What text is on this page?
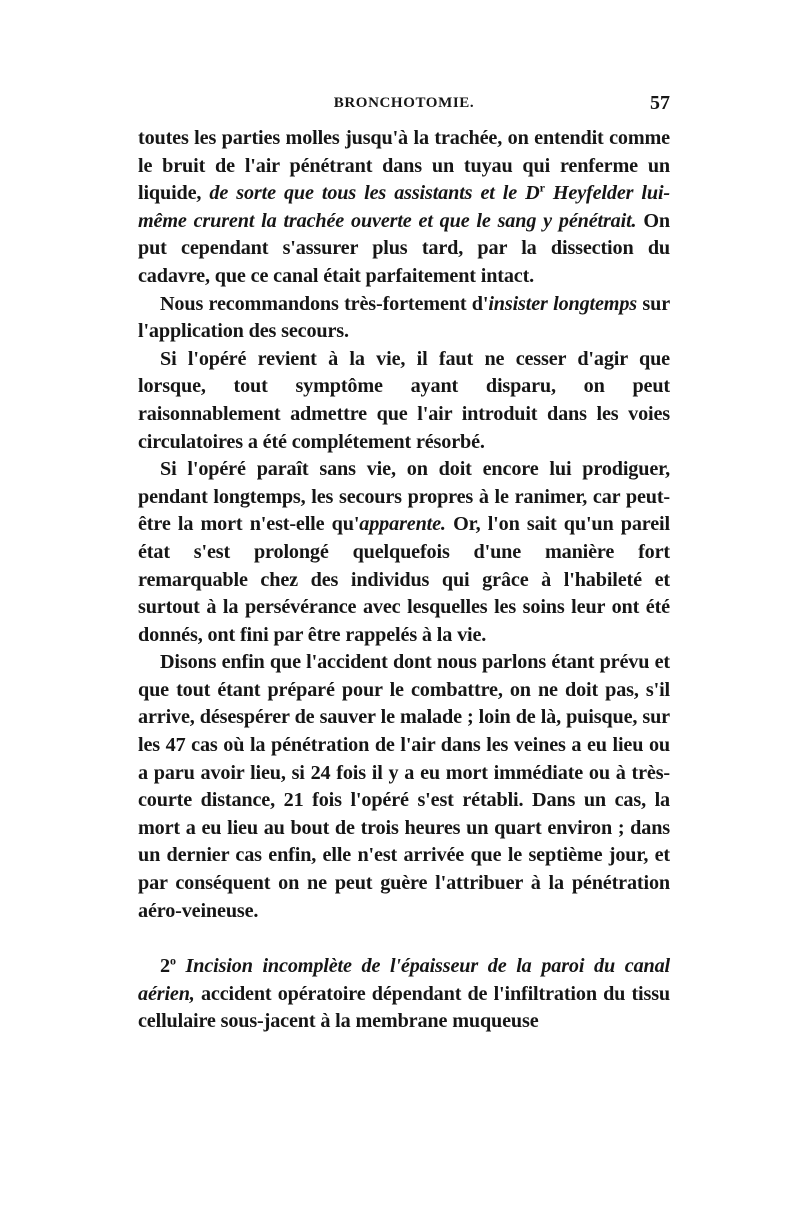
BRONCHOTOMIE.	57

toutes les parties molles jusqu'à la trachée, on entendit comme le bruit de l'air pénétrant dans un tuyau qui renferme un liquide, de sorte que tous les assistants et le $D^r$ Heyfelder lui-même crurent la trachée ouverte et que le sang y pénétrait. On put cependant s'assurer plus tard, par la dissection du cadavre, que ce canal était parfaitement intact.

Nous recommandons très-fortement d'insister longtemps sur l'application des secours.

Si l'opéré revient à la vie, il faut ne cesser d'agir que lorsque, tout symptôme ayant disparu, on peut raisonnablement admettre que l'air introduit dans les voies circulatoires a été complétement résorbé.

Si l'opéré paraît sans vie, on doit encore lui prodiguer, pendant longtemps, les secours propres à le ranimer, car peut-être la mort n'est-elle qu'apparente. Or, l'on sait qu'un pareil état s'est prolongé quelquefois d'une manière fort remarquable chez des individus qui grâce à l'habileté et surtout à la persévérance avec lesquelles les soins leur ont été donnés, ont fini par être rappelés à la vie.

Disons enfin que l'accident dont nous parlons étant prévu et que tout étant préparé pour le combattre, on ne doit pas, s'il arrive, désespérer de sauver le malade ; loin de là, puisque, sur les 47 cas où la pénétration de l'air dans les veines a eu lieu ou a paru avoir lieu, si 24 fois il y a eu mort immédiate ou à très-courte distance, 21 fois l'opéré s'est rétabli. Dans un cas, la mort a eu lieu au bout de trois heures un quart environ ; dans un dernier cas enfin, elle n'est arrivée que le septième jour, et par conséquent on ne peut guère l'attribuer à la pénétration aéro-veineuse.

2$^o$ Incision incomplète de l'épaisseur de la paroi du canal aérien, accident opératoire dépendant de l'infiltration du tissu cellulaire sous-jacent à la membrane muqueuse
